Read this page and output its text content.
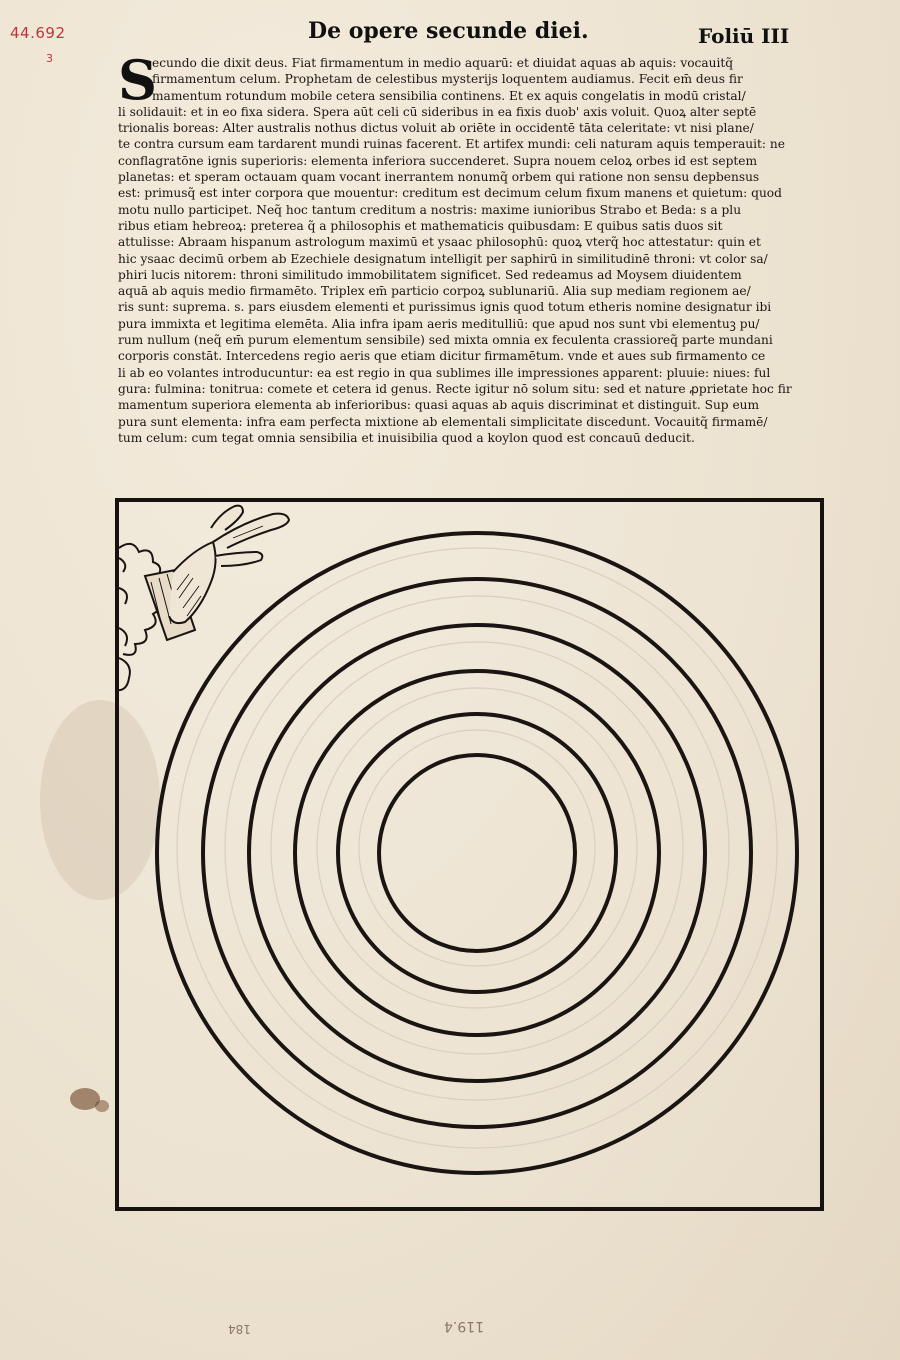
44.692
3
De opere secunde diei.	Foliū III
S
ecundo die dixit deus. Fiat firmamentum in medio aquarū: et diuidat aquas ab aquis: vocauitq̃
firmamentum celum. Prophetam de celestibus mysterijs loquentem audiamus. Fecit em̄ deus fir
mamentum rotundum mobile cetera sensibilia continens. Et ex aquis congelatis in modū cristal/
li solidauit: et in eo fixa sidera. Spera aūt celi cū sideribus in ea fixis duob' axis voluit. Quoꝝ alter septē
trionalis boreas: Alter australis nothus dictus voluit ab oriēte in occidentē tāta celeritate: vt nisi plane/
te contra cursum eam tardarent mundi ruinas facerent. Et artifex mundi: celi naturam aquis temperauit: ne
conflagratōne ignis superioris: elementa inferiora succenderet. Supra nouem celoꝝ orbes id est septem
planetas: et speram octauam quam vocant inerrantem nonumq̃ orbem qui ratione non sensu depbensus
est: primusq̃ est inter corpora que mouentur: creditum est decimum celum fixum manens et quietum: quod
motu nullo participet. Neq̃ hoc tantum creditum a nostris: maxime iunioribus Strabo et Beda: s a plu
ribus etiam hebreoꝝ: preterea q̃ a philosophis et mathematicis quibusdam: E quibus satis duos sit
attulisse: Abraam hispanum astrologum maximū et ysaac philosophū: quoꝝ vterq̃ hoc attestatur: quin et
hic ysaac decimū orbem ab Ezechiele designatum intelligit per saphirū in similitudinē throni: vt color sa/
phiri lucis nitorem: throni similitudo immobilitatem significet. Sed redeamus ad Moysem diuidentem
aquā ab aquis medio firmamēto. Triplex em̄ particio corpoꝝ sublunariū. Alia sup mediam regionem ae/
ris sunt: suprema. s. pars eiusdem elementi et purissimus ignis quod totum etheris nomine designatur ibi
pura immixta et legitima elemēta. Alia infra ipam aeris meditulliū: que apud nos sunt vbi elementuꝫ pu/
rum nullum (neq̃ em̄ purum elementum sensibile) sed mixta omnia ex feculenta crassioreq̃ parte mundani
corporis constāt. Intercedens regio aeris que etiam dicitur firmamētum. vnde et aues sub firmamento ce
li ab eo volantes introducuntur: ea est regio in qua sublimes ille impressiones apparent: pluuie: niues: ful
gura: fulmina: tonitrua: comete et cetera id genus. Recte igitur nō solum situ: sed et nature ꝓprietate hoc fir
mamentum superiora elementa ab inferioribus: quasi aquas ab aquis discriminat et distinguit. Sup eum
pura sunt elementa: infra eam perfecta mixtione ab elementali simplicitate discedunt. Vocauitq̃ firmamē/
tum celum: cum tegat omnia sensibilia et inuisibilia quod a koylon quod est concauū deducit.
184	119.4
